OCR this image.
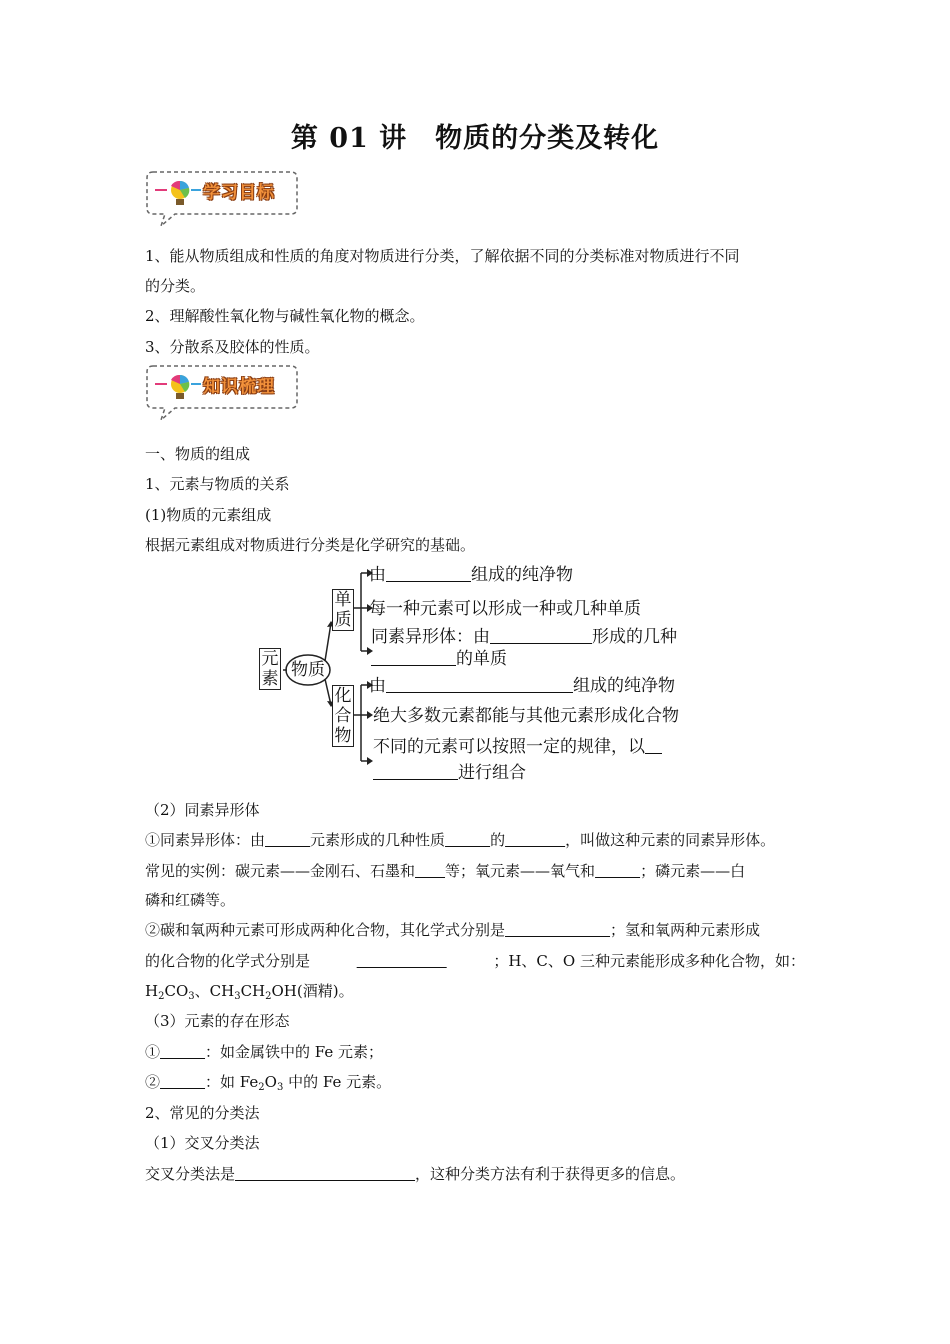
第 01 讲　物质的分类及转化
学习目标
1、能从物质组成和性质的角度对物质进行分类，了解依据不同的分类标准对物质进行不同
的分类。
2、理解酸性氧化物与碱性氧化物的概念。
3、分散系及胶体的性质。
知识梳理
一、物质的组成
1、元素与物质的关系
(1)物质的元素组成
根据元素组成对物质进行分类是化学研究的基础。
元素 物质
单质
化合物
由　　　　　	组成的纯净物
每一种元素可以形成一种或几种单质
同素异形体：由　　　　　　	形成的几种
　　　　　的单质
由　　　　　　　　　　　	组成的纯净物
绝大多数元素都能与其他元素形成化合物
不同的元素可以按照一定的规律，以　
　　　　　进行组合
（2）同素异形体
①同素异形体：由　　　	元素形成的几种性质　　　	的　　　　	，叫做这种元素的同素异形体。
常见的实例：碳元素——金刚石、石墨和　　 等；氧元素——氧气和　　　	；磷元素——白
磷和红磷等。
②碳和氧两种元素可形成两种化合物，其化学式分别是　　　　　　　	；氢和氧两种元素形成
的化合物的化学式分别是
　　　　　　	；H、C、O 三种元素能形成多种化合物，如：
$H_2CO_3$、$CH_3CH_2OH$(酒精)。
（3）元素的存在形态
①　　　	：如金属铁中的 Fe 元素；
②　　　	：如 $Fe_2O_3$ 中的 Fe 元素。
2、常见的分类法
（1）交叉分类法
交叉分类法是　　　　　　　　　　　　	，这种分类方法有利于获得更多的信息。
